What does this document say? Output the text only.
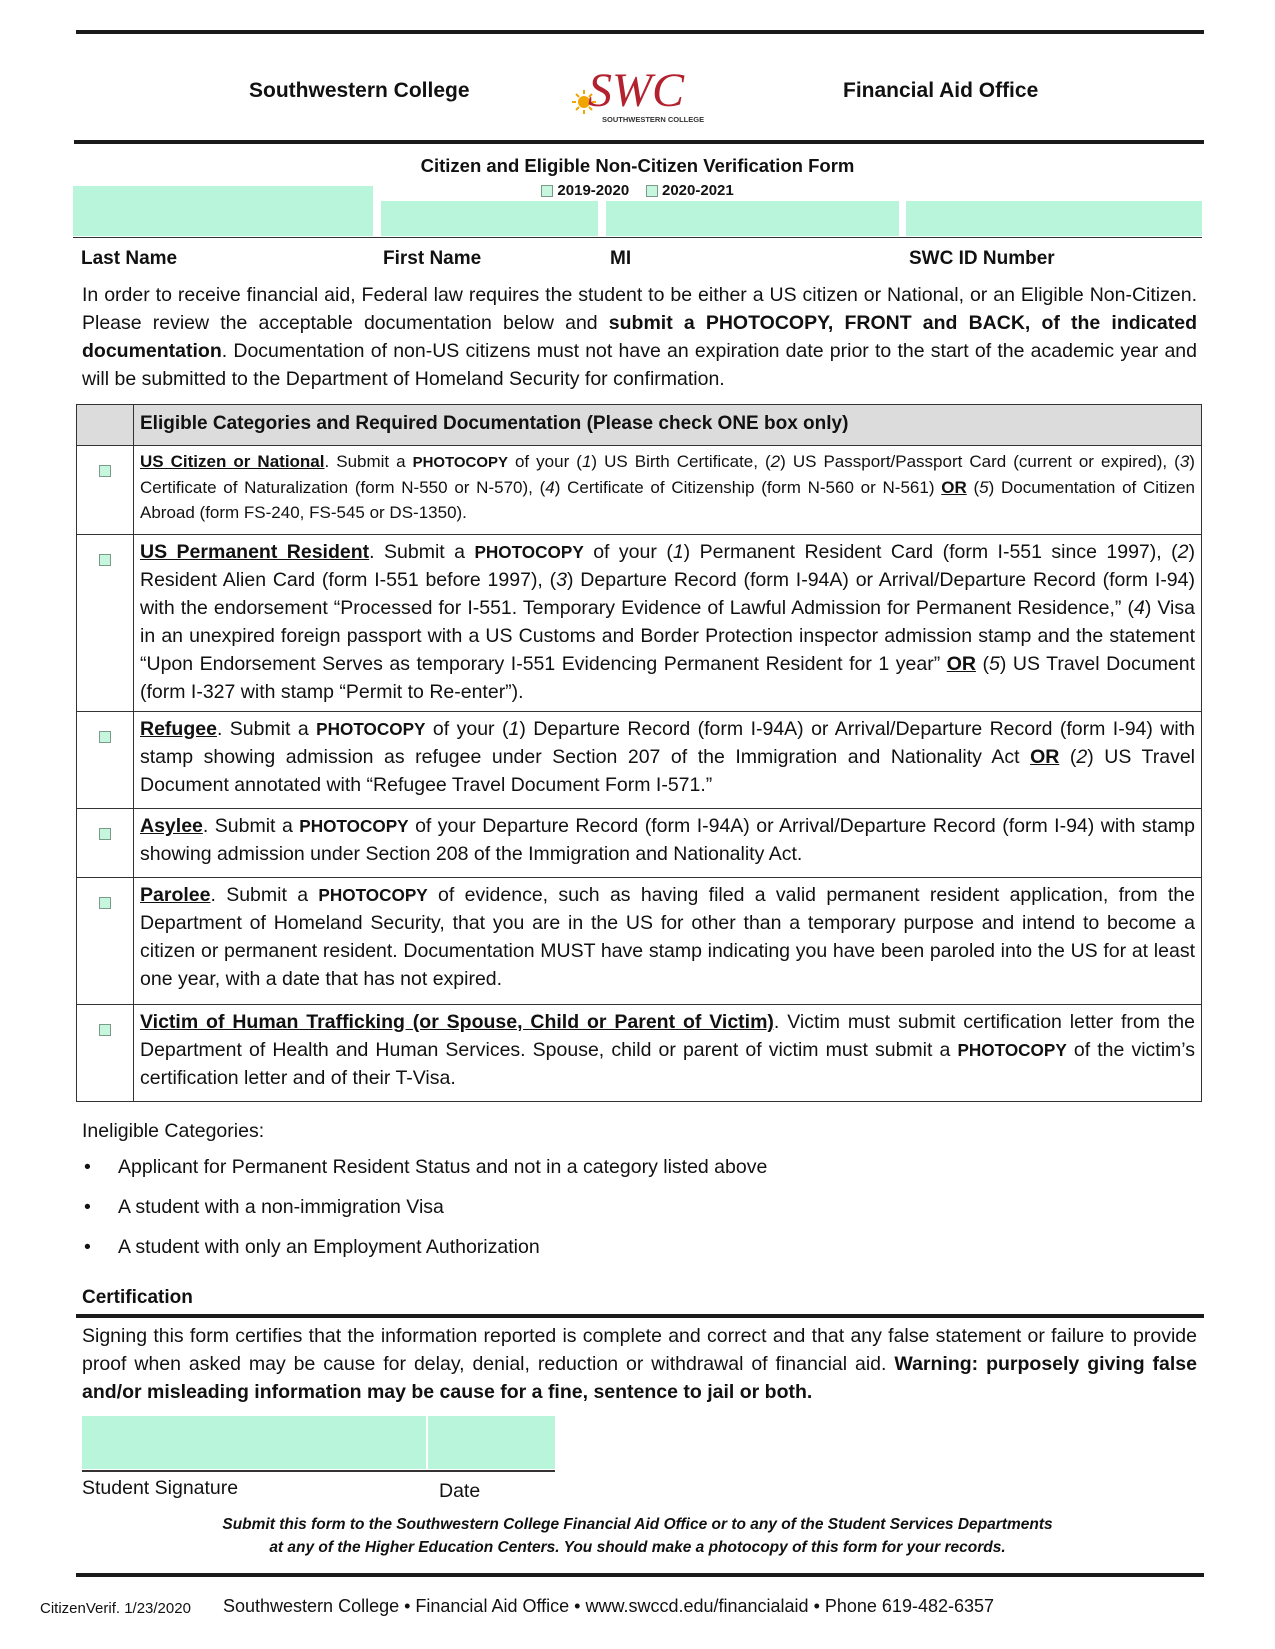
Southwestern College SWC
SOUTHWESTERN COLLEGE
Financial Aid Office
Citizen and Eligible Non-Citizen Verification Form
2019-2020 2020-2021
Last Name	First Name	MI	SWC ID Number
In order to receive financial aid, Federal law requires the student to be either a US citizen or National, or an Eligible Non-Citizen. Please review the acceptable documentation below and submit a PHOTOCOPY, FRONT and BACK, of the indicated documentation. Documentation of non-US citizens must not have an expiration date prior to the start of the academic year and will be submitted to the Department of Homeland Security for confirmation.
	Eligible Categories and Required Documentation (Please check ONE box only)
	US Citizen or National. Submit a PHOTOCOPY of your (1) US Birth Certificate, (2) US Passport/Passport Card (current or expired), (3) Certificate of Naturalization (form N-550 or N-570), (4) Certificate of Citizenship (form N-560 or N-561) OR (5) Documentation of Citizen Abroad (form FS-240, FS-545 or DS-1350).
	US Permanent Resident. Submit a PHOTOCOPY of your (1) Permanent Resident Card (form I-551 since 1997), (2) Resident Alien Card (form I-551 before 1997), (3) Departure Record (form I-94A) or Arrival/Departure Record (form I-94) with the endorsement “Processed for I-551. Temporary Evidence of Lawful Admission for Permanent Residence,” (4) Visa in an unexpired foreign passport with a US Customs and Border Protection inspector admission stamp and the statement “Upon Endorsement Serves as temporary I-551 Evidencing Permanent Resident for 1 year” OR (5) US Travel Document (form I-327 with stamp “Permit to Re-enter”).
	Refugee. Submit a PHOTOCOPY of your (1) Departure Record (form I-94A) or Arrival/Departure Record (form I-94) with stamp showing admission as refugee under Section 207 of the Immigration and Nationality Act OR (2) US Travel Document annotated with “Refugee Travel Document Form I-571.”
	Asylee. Submit a PHOTOCOPY of your Departure Record (form I-94A) or Arrival/Departure Record (form I-94) with stamp showing admission under Section 208 of the Immigration and Nationality Act.
	Parolee. Submit a PHOTOCOPY of evidence, such as having filed a valid permanent resident application, from the Department of Homeland Security, that you are in the US for other than a temporary purpose and intend to become a citizen or permanent resident. Documentation MUST have stamp indicating you have been paroled into the US for at least one year, with a date that has not expired.
	Victim of Human Trafficking (or Spouse, Child or Parent of Victim). Victim must submit certification letter from the Department of Health and Human Services. Spouse, child or parent of victim must submit a PHOTOCOPY of the victim’s certification letter and of their T-Visa.
Ineligible Categories:
• Applicant for Permanent Resident Status and not in a category listed above
• A student with a non-immigration Visa
• A student with only an Employment Authorization
Certification
Signing this form certifies that the information reported is complete and correct and that any false statement or failure to provide proof when asked may be cause for delay, denial, reduction or withdrawal of financial aid. Warning: purposely giving false and/or misleading information may be cause for a fine, sentence to jail or both.
Student Signature	Date
Submit this form to the Southwestern College Financial Aid Office or to any of the Student Services Departments
at any of the Higher Education Centers. You should make a photocopy of this form for your records.
CitizenVerif. 1/23/2020 Southwestern College • Financial Aid Office • www.swccd.edu/financialaid • Phone 619-482-6357
